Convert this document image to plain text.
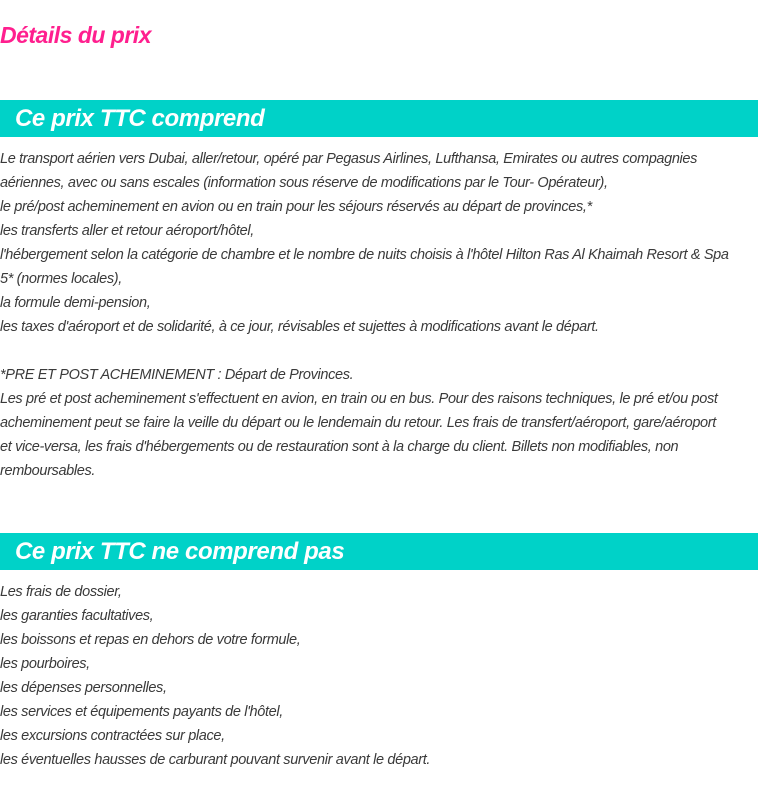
Détails du prix
Ce prix TTC comprend
Le transport aérien vers Dubai, aller/retour, opéré par Pegasus Airlines, Lufthansa, Emirates ou autres compagnies
aériennes, avec ou sans escales (information sous réserve de modifications par le Tour- Opérateur),
le pré/post acheminement en avion ou en train pour les séjours réservés au départ de provinces,*
les transferts aller et retour aéroport/hôtel,
l'hébergement selon la catégorie de chambre et le nombre de nuits choisis à l'hôtel Hilton Ras Al Khaimah Resort & Spa
5* (normes locales),
la formule demi-pension,
les taxes d'aéroport et de solidarité, à ce jour, révisables et sujettes à modifications avant le départ.
*PRE ET POST ACHEMINEMENT : Départ de Provinces.
Les pré et post acheminement s'effectuent en avion, en train ou en bus. Pour des raisons techniques, le pré et/ou post
acheminement peut se faire la veille du départ ou le lendemain du retour. Les frais de transfert/aéroport, gare/aéroport
et vice-versa, les frais d'hébergements ou de restauration sont à la charge du client. Billets non modifiables, non
remboursables.
Ce prix TTC ne comprend pas
Les frais de dossier,
les garanties facultatives,
les boissons et repas en dehors de votre formule,
les pourboires,
les dépenses personnelles,
les services et équipements payants de l'hôtel,
les excursions contractées sur place,
les éventuelles hausses de carburant pouvant survenir avant le départ.
